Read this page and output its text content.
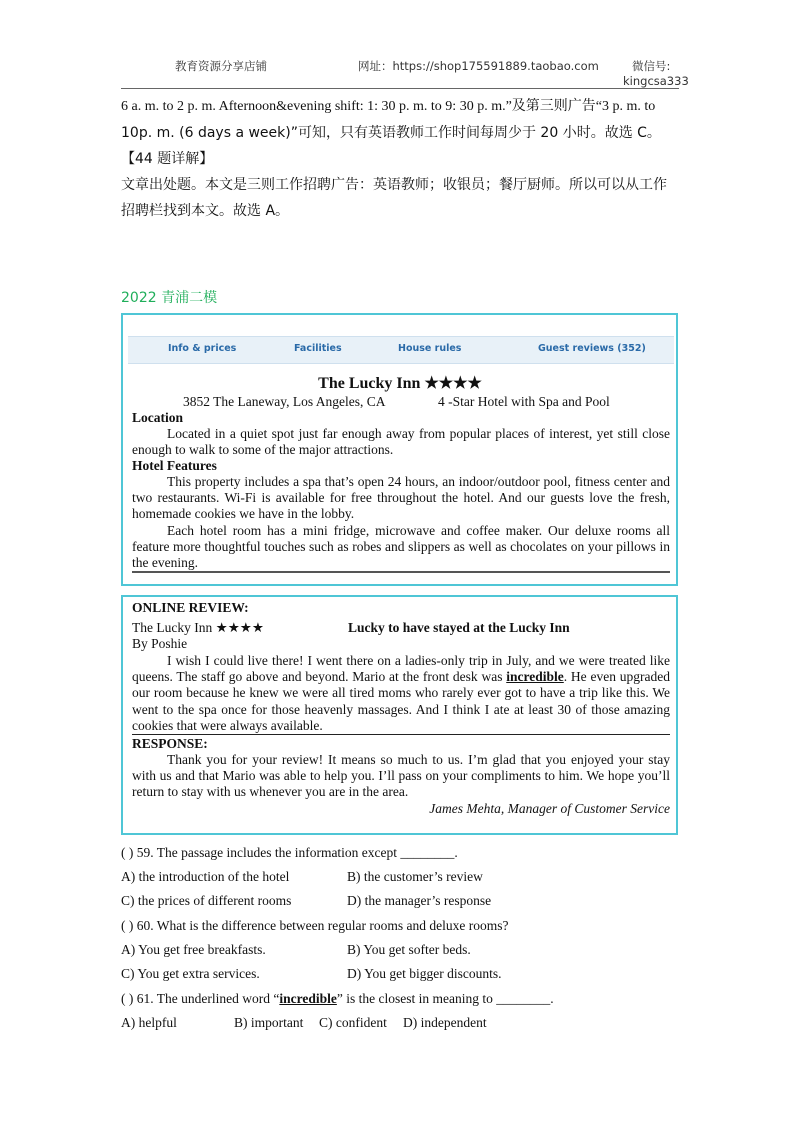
教育资源分享店铺	网址：https://shop175591889.taobao.com	微信号:
kingcsa333
6 a. m. to 2 p. m. Afternoon&evening shift: 1: 30 p. m. to 9: 30 p. m.”及第三则广告“3 p. m. to
10p. m. (6 days a week)”可知，只有英语教师工作时间每周少于 20 小时。故选 C。
【44 题详解】
文章出处题。本文是三则工作招聘广告：英语教师；收银员；餐厅厨师。所以可以从工作
招聘栏找到本文。故选 A。
2022 青浦二模
Info & prices	Facilities	House rules	Guest reviews (352)
The Lucky Inn ★★★★
3852 The Laneway, Los Angeles, CA	4 -Star Hotel with Spa and Pool
Location
Located in a quiet spot just far enough away from popular places of interest, yet still close enough to walk to some of the major attractions.
Hotel Features
This property includes a spa that’s open 24 hours, an indoor/outdoor pool, fitness center and two restaurants. Wi-Fi is available for free throughout the hotel. And our guests love the fresh, homemade cookies we have in the lobby.
Each hotel room has a mini fridge, microwave and coffee maker. Our deluxe rooms all feature more thoughtful touches such as robes and slippers as well as chocolates on your pillows in the evening.
ONLINE REVIEW:
The Lucky Inn ★★★★	Lucky to have stayed at the Lucky Inn
By Poshie
I wish I could live there! I went there on a ladies-only trip in July, and we were treated like queens. The staff go above and beyond. Mario at the front desk was incredible. He even upgraded our room because he knew we were all tired moms who rarely ever got to have a trip like this. We went to the spa once for those heavenly massages. And I think I ate at least 30 of those amazing cookies that were always available.
RESPONSE:
Thank you for your review! It means so much to us. I’m glad that you enjoyed your stay with us and that Mario was able to help you. I’ll pass on your compliments to him. We hope you’ll return to stay with us whenever you are in the area.
James Mehta, Manager of Customer Service
( ) 59. The passage includes the information except ________.
A) the introduction of the hotel	B) the customer’s review
C) the prices of different rooms	D) the manager’s response
( ) 60. What is the difference between regular rooms and deluxe rooms?
A) You get free breakfasts.	B) You get softer beds.
C) You get extra services.	D) You get bigger discounts.
( ) 61. The underlined word “incredible” is the closest in meaning to ________.
A) helpful	B) important C) confident D) independent
